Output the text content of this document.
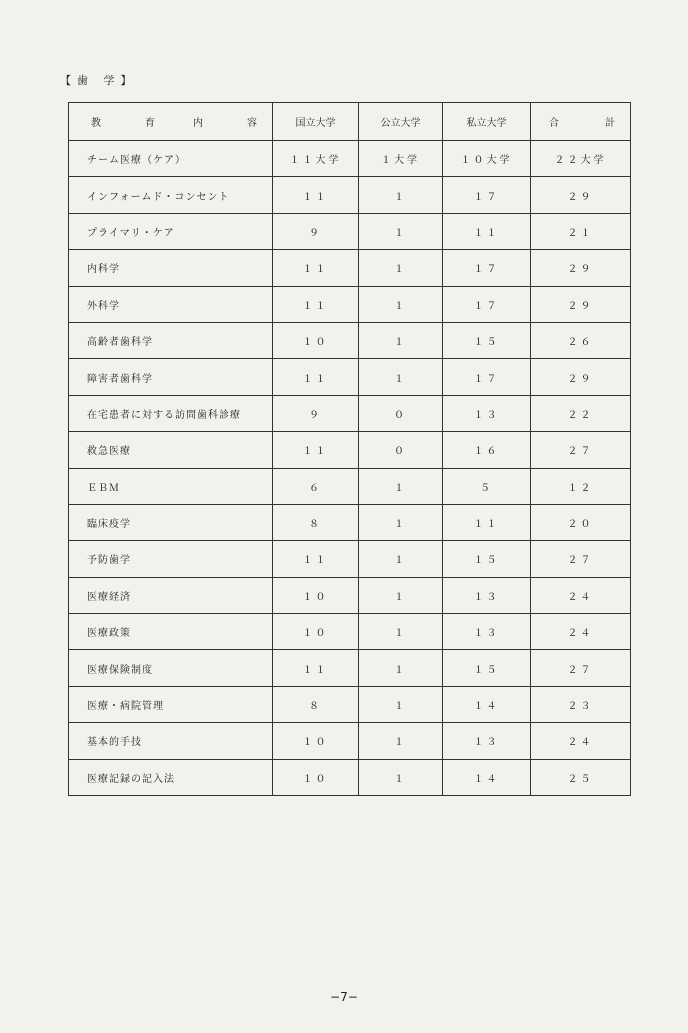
【歯 学】
教 育 内 容	国立大学	公立大学	私立大学	合 計
チーム医療（ケア）	１１大学	１大学	１０大学	２２大学
インフォームド・コンセント	１１	１	１７	２９
プライマリ・ケア	９	１	１１	２１
内科学	１１	１	１７	２９
外科学	１１	１	１７	２９
高齢者歯科学	１０	１	１５	２６
障害者歯科学	１１	１	１７	２９
在宅患者に対する訪問歯科診療	９	０	１３	２２
救急医療	１１	０	１６	２７
ＥＢＭ	６	１	５	１２
臨床疫学	８	１	１１	２０
予防歯学	１１	１	１５	２７
医療経済	１０	１	１３	２４
医療政策	１０	１	１３	２４
医療保険制度	１１	１	１５	２７
医療・病院管理	８	１	１４	２３
基本的手技	１０	１	１３	２４
医療記録の記入法	１０	１	１４	２５
−7−
